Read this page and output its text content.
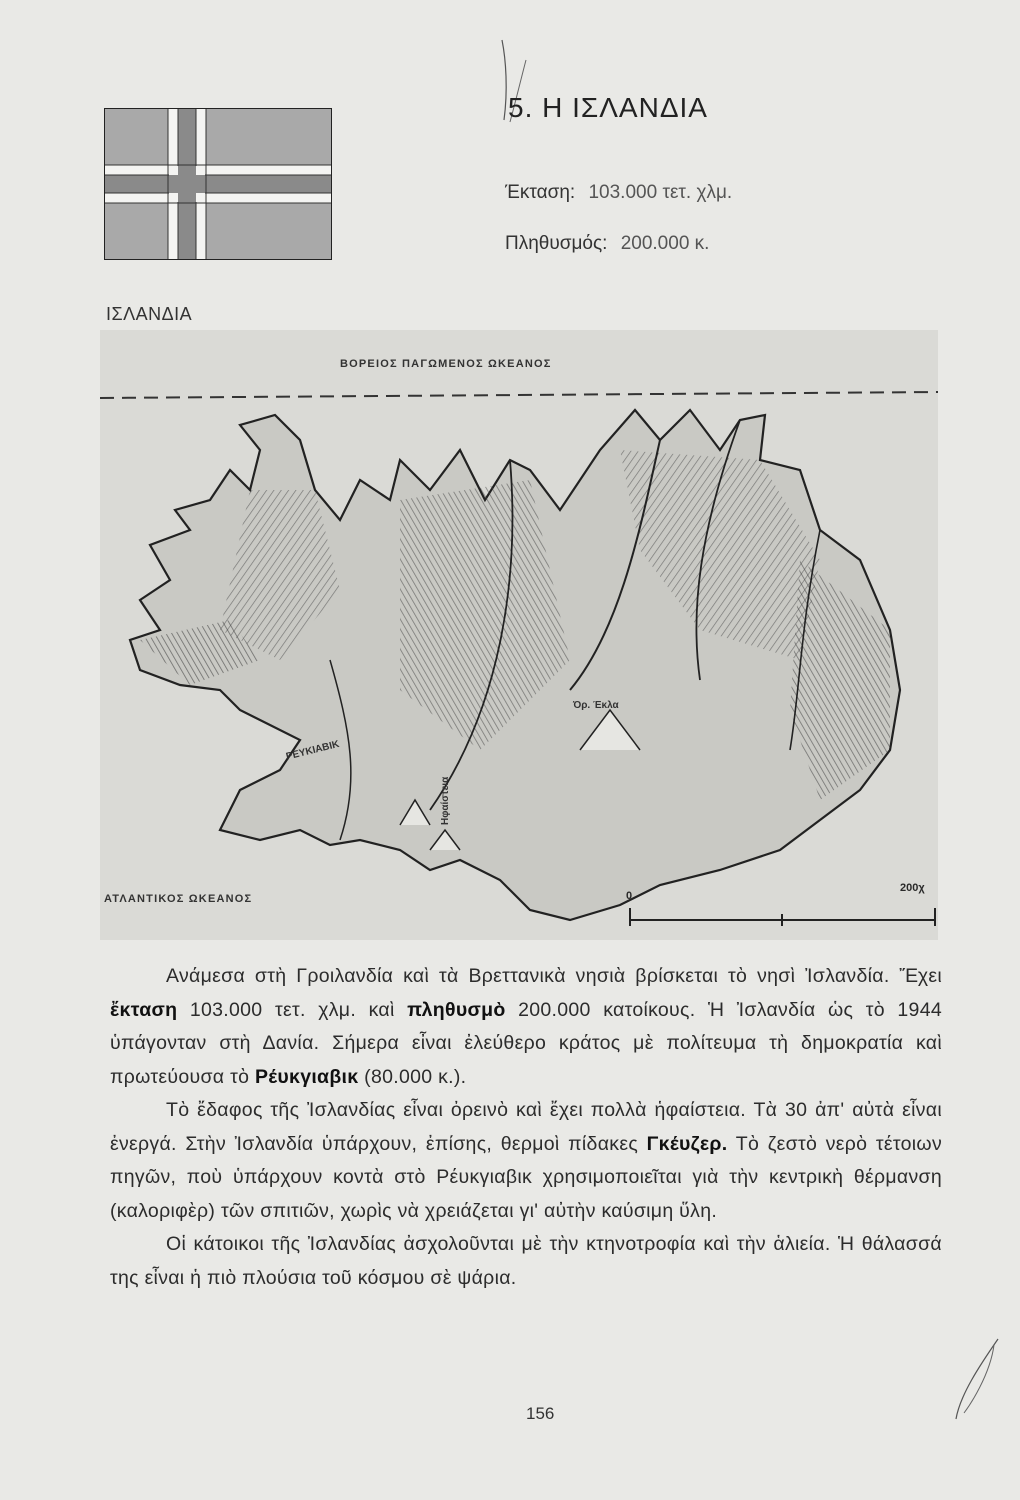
5. Η ΙΣΛΑΝΔΙΑ
Έκταση: 103.000 τετ. χλμ.
Πληθυσμός: 200.000 κ.
ΙΣΛΑΝΔΙΑ
ΒΟΡΕΙΟΣ ΠΑΓΩΜΕΝΟΣ ΩΚΕΑΝΟΣ
ΑΤΛΑΝΤΙΚΟΣ ΩΚΕΑΝΟΣ
ΡΕΥΚΙΑΒΙΚ
Όρ. Έκλα
Ηφαίστεια
0
200χ

Ανάμεσα στὴ Γροιλανδία καὶ τὰ Βρεττανικὰ νησιὰ βρίσκεται τὸ νησὶ Ἰσλανδία. Ἔχει ἔκταση 103.000 τετ. χλμ. καὶ πληθυσμὸ 200.000 κατοίκους. Ἡ Ἰσλανδία ὡς τὸ 1944 ὑπάγονταν στὴ Δανία. Σήμερα εἶναι ἐλεύθερο κράτος μὲ πολίτευμα τὴ δημοκρατία καὶ πρωτεύουσα τὸ Ρέυκγιαβικ (80.000 κ.).

Τὸ ἔδαφος τῆς Ἰσλανδίας εἶναι ὀρεινὸ καὶ ἔχει πολλὰ ἡφαίστεια. Τὰ 30 ἀπ' αὐτὰ εἶναι ἐνεργά. Στὴν Ἰσλανδία ὑπάρχουν, ἐπίσης, θερμοὶ πίδακες Γκέυζερ. Τὸ ζεστὸ νερὸ τέτοιων πηγῶν, ποὺ ὑπάρχουν κοντὰ στὸ Ρέυκγιαβικ χρησιμοποιεῖται γιὰ τὴν κεντρικὴ θέρμανση (καλοριφὲρ) τῶν σπιτιῶν, χωρὶς νὰ χρειάζεται γι' αὐτὴν καύσιμη ὕλη.

Οἱ κάτοικοι τῆς Ἰσλανδίας ἀσχολοῦνται μὲ τὴν κτηνοτροφία καὶ τὴν ἁλιεία. Ἡ θάλασσά της εἶναι ἡ πιὸ πλούσια τοῦ κόσμου σὲ ψάρια.

156
